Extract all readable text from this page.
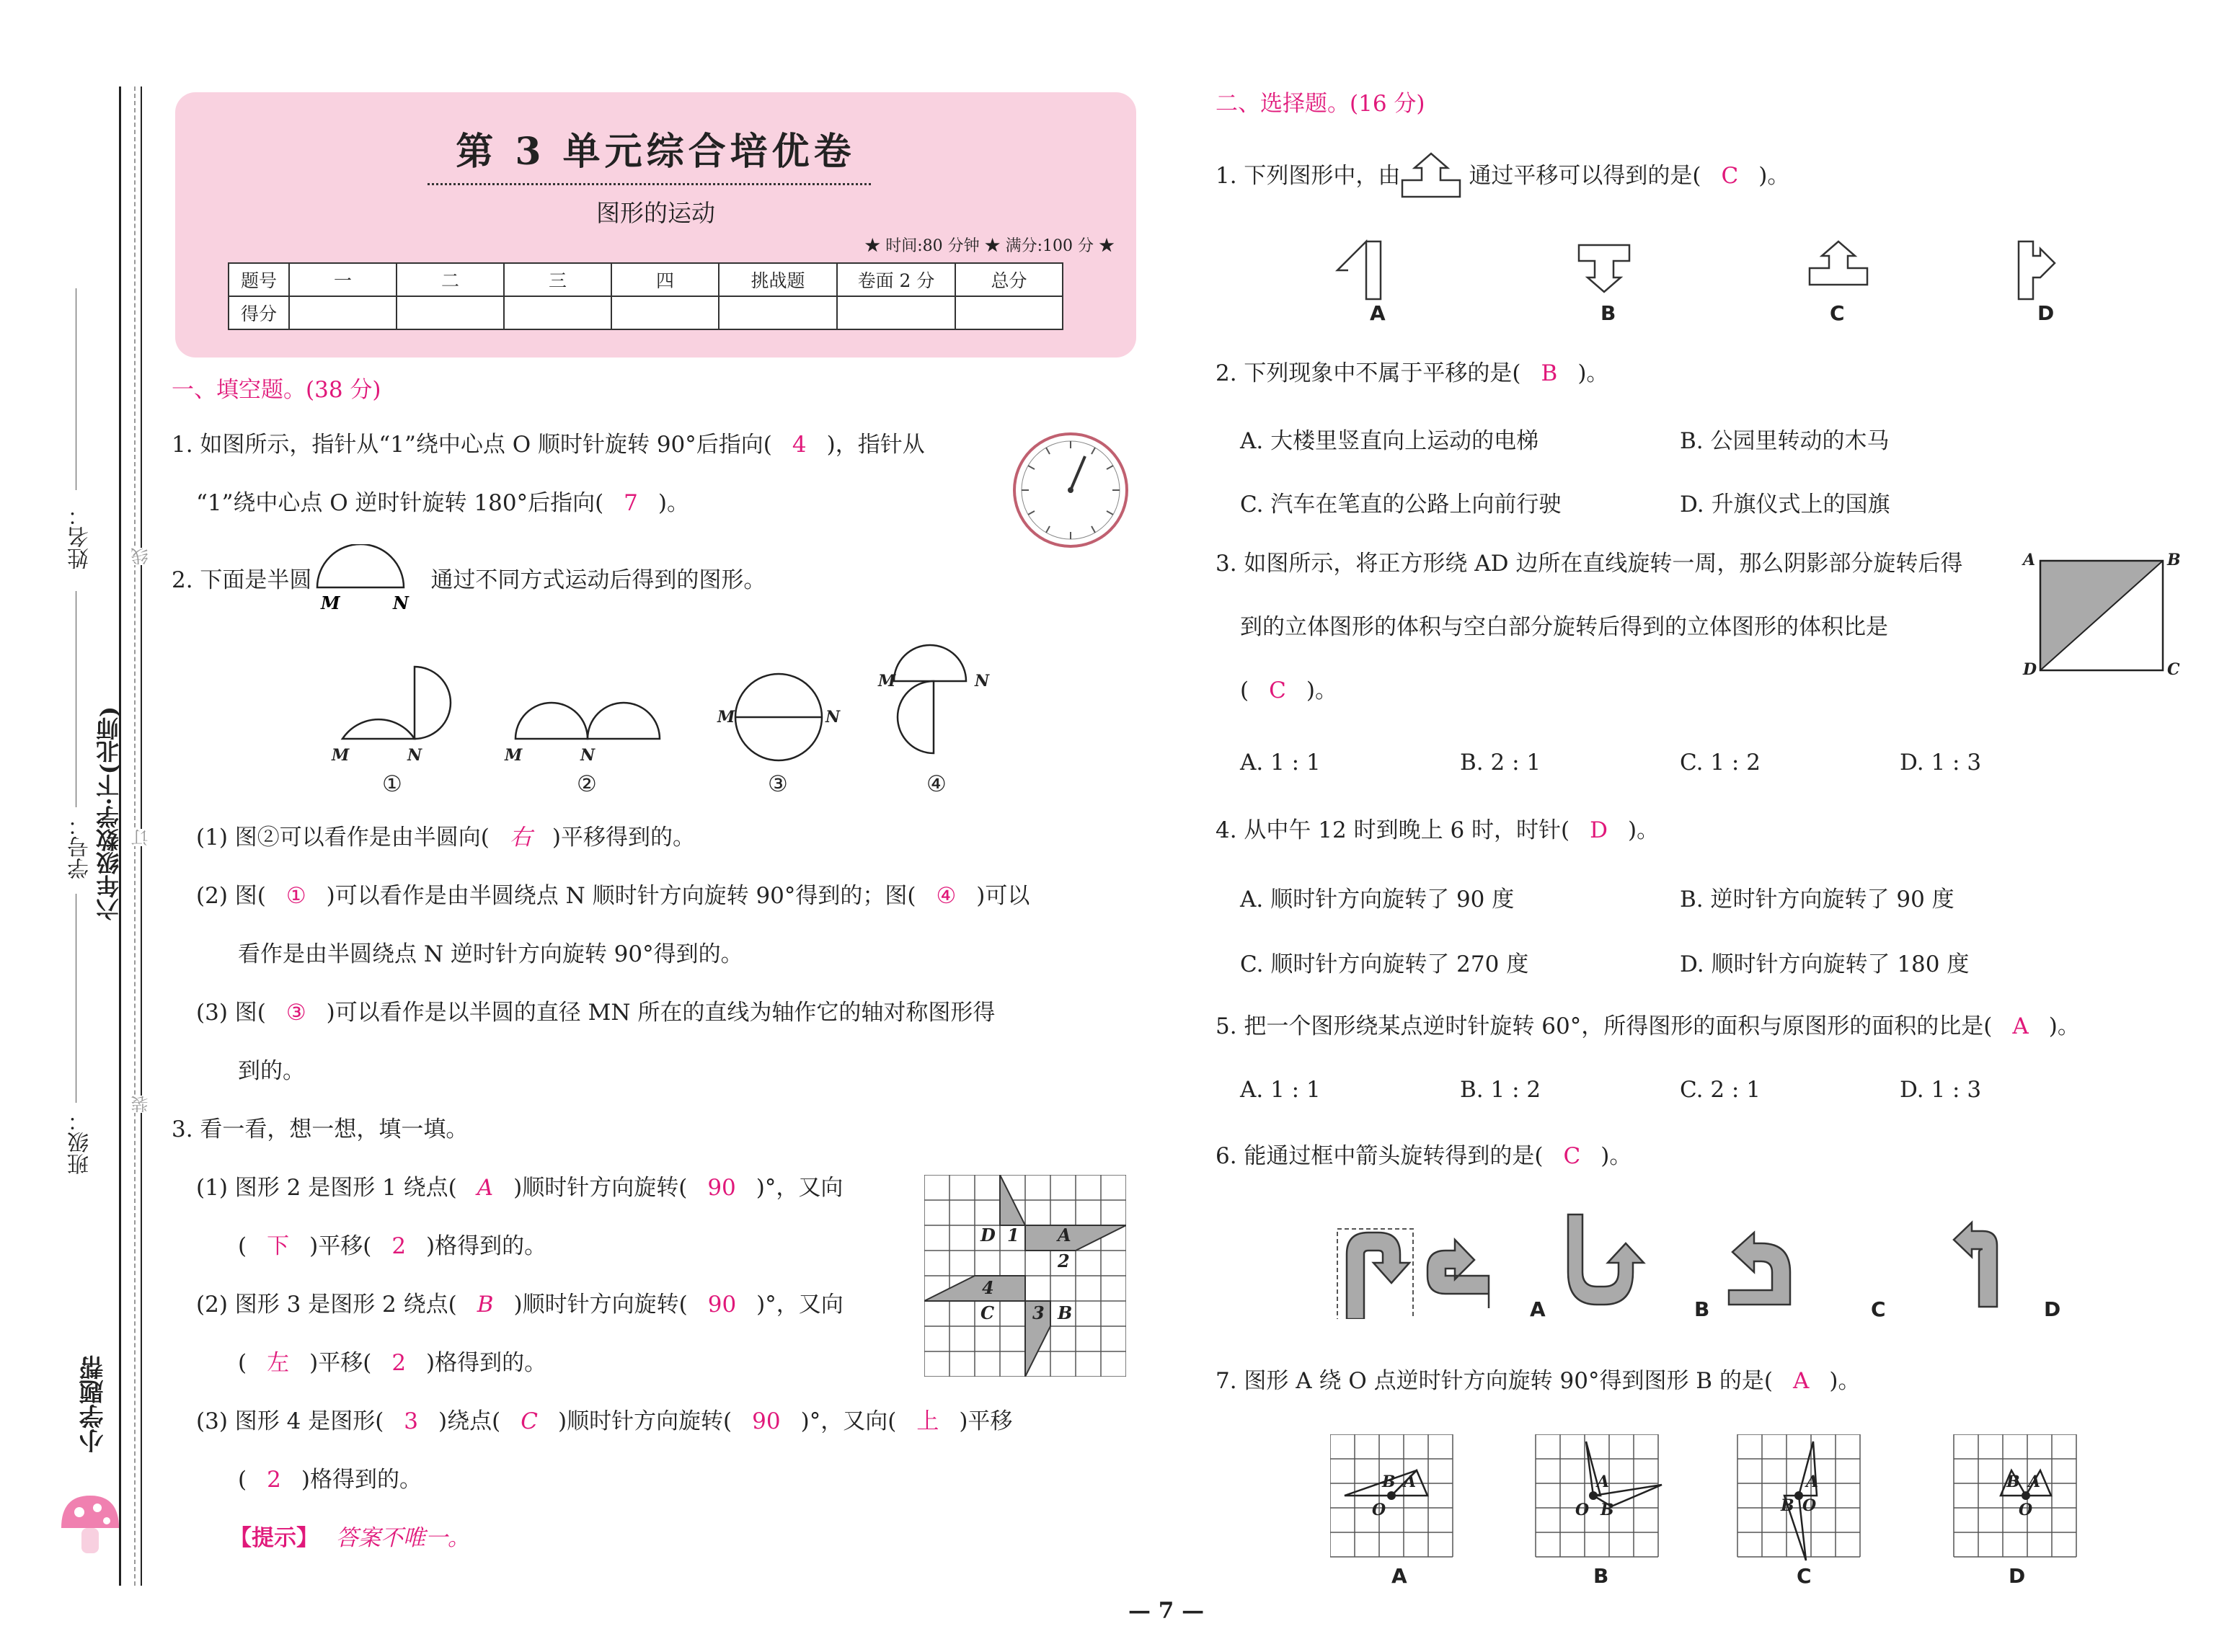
姓名：
学号：
班级：
六年级数学·下(北师)
小学题帮
线
订
装
第 3 单元综合培优卷
图形的运动
★ 时间:80 分钟 ★ 满分:100 分 ★
题号	一	二	三	四	挑战题	卷面 2 分	总分
得分							
一、填空题。(38 分)
1. 如图所示，指针从“1”绕中心点 O 顺时针旋转 90°后指向( 4 )，指针从
“1”绕中心点 O 逆时针旋转 180°后指向( 7 )。
2. 下面是半圆	通过不同方式运动后得到的图形。
M	N
M	N	M	N
M	N
M	N
①	②	③	④
(1) 图②可以看作是由半圆向( 右 )平移得到的。
(2) 图( ① )可以看作是由半圆绕点 N 顺时针方向旋转 90°得到的；图( ④ )可以
看作是由半圆绕点 N 逆时针方向旋转 90°得到的。
(3) 图( ③ )可以看作是以半圆的直径 MN 所在的直线为轴作它的轴对称图形得
到的。
3. 看一看，想一想，填一填。
(1) 图形 2 是图形 1 绕点( A )顺时针方向旋转( 90 )°，又向
( 下 )平移( 2 )格得到的。
(2) 图形 3 是图形 2 绕点( B )顺时针方向旋转( 90 )°，又向
( 左 )平移( 2 )格得到的。
(3) 图形 4 是图形( 3 )绕点( C )顺时针方向旋转( 90 )°，又向( 上 )平移
( 2 )格得到的。
【提示】 答案不唯一。
D 1 A
2
4
C 3 B
二、选择题。(16 分)
1. 下列图形中，由	通过平移可以得到的是( C )。
A	B	C	D
2. 下列现象中不属于平移的是( B )。
A. 大楼里竖直向上运动的电梯	B. 公园里转动的木马
C. 汽车在笔直的公路上向前行驶	D. 升旗仪式上的国旗
3. 如图所示，将正方形绕 AD 边所在直线旋转一周，那么阴影部分旋转后得
到的立体图形的体积与空白部分旋转后得到的立体图形的体积比是
( C )。
A	B
D	C
A. 1 : 1	B. 2 : 1	C. 1 : 2	D. 1 : 3
4. 从中午 12 时到晚上 6 时，时针( D )。
A. 顺时针方向旋转了 90 度	B. 逆时针方向旋转了 90 度
C. 顺时针方向旋转了 270 度	D. 顺时针方向旋转了 180 度
5. 把一个图形绕某点逆时针旋转 60°，所得图形的面积与原图形的面积的比是( A )。
A. 1 : 1	B. 1 : 2	C. 2 : 1	D. 1 : 3
6. 能通过框中箭头旋转得到的是( C )。
A	B	C	D
7. 图形 A 绕 O 点逆时针方向旋转 90°得到图形 B 的是( A )。
B A
O
A
O B
A
B O
B A
O
A	B	C	D
— 7 —
